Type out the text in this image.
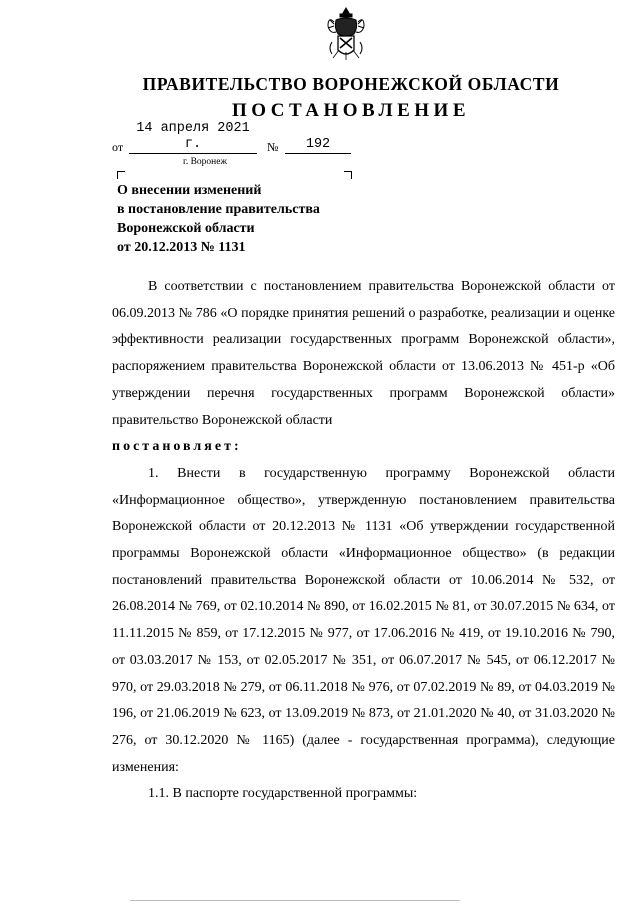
ПРАВИТЕЛЬСТВО ВОРОНЕЖСКОЙ ОБЛАСТИ
ПОСТАНОВЛЕНИЕ
от
14 апреля 2021 г.	№	192
г. Воронеж
О внесении изменений
в постановление правительства
Воронежской области
от 20.12.2013 № 1131

В соответствии с постановлением правительства Воронежской области от 06.09.2013 № 786 «О порядке принятия решений о разработке, реализации и оценке эффективности реализации государственных программ Воронежской области», распоряжением правительства Воронежской области от 13.06.2013 № 451-р «Об утверждении перечня государственных программ Воронежской области» правительство Воронежской области

постановляет:

1. Внести в государственную программу Воронежской области «Информационное общество», утвержденную постановлением правительства Воронежской области от 20.12.2013 № 1131 «Об утверждении государственной программы Воронежской области «Информационное общество» (в редакции постановлений правительства Воронежской области от 10.06.2014 № 532, от 26.08.2014 № 769, от 02.10.2014 № 890, от 16.02.2015 № 81, от 30.07.2015 № 634, от 11.11.2015 № 859, от 17.12.2015 № 977, от 17.06.2016 № 419, от 19.10.2016 № 790, от 03.03.2017 № 153, от 02.05.2017 № 351, от 06.07.2017 № 545, от 06.12.2017 № 970, от 29.03.2018 № 279, от 06.11.2018 № 976, от 07.02.2019 № 89, от 04.03.2019 № 196, от 21.06.2019 № 623, от 13.09.2019 № 873, от 21.01.2020 № 40, от 31.03.2020 № 276, от 30.12.2020 № 1165) (далее - государственная программа), следующие изменения:

1.1. В паспорте государственной программы:
